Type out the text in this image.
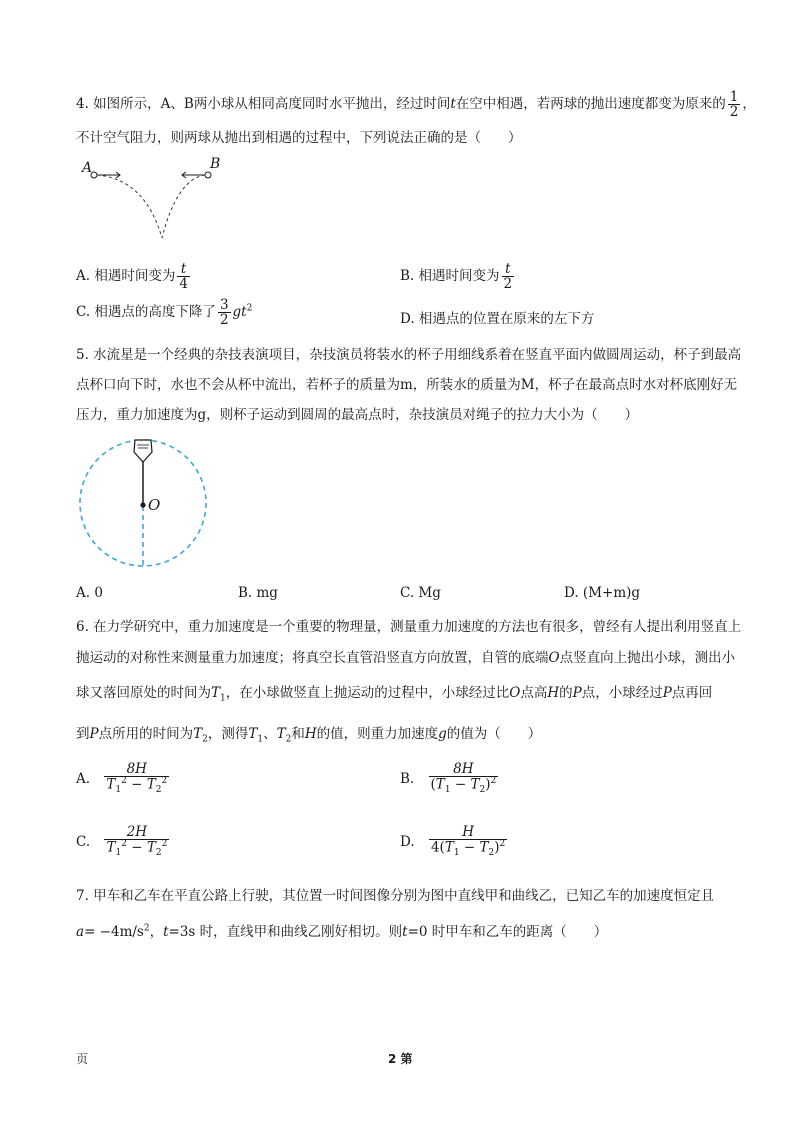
4. 如图所示，A、B两小球从相同高度同时水平抛出，经过时间t在空中相遇，若两球的抛出速度都变为原来的 $\frac{1}{2}$ ，
不计空气阻力，则两球从抛出到相遇的过程中，下列说法正确的是（　　）
A	B
A. 相遇时间变为 $\frac{t}{4}$	B. 相遇时间变为 $\frac{t}{2}$
C. 相遇点的高度下降了 $\frac{3}{2} gt^2$
D. 相遇点的位置在原来的左下方
5. 水流星是一个经典的杂技表演项目，杂技演员将装水的杯子用细线系着在竖直平面内做圆周运动，杯子到最高
点杯口向下时，水也不会从杯中流出，若杯子的质量为m，所装水的质量为M，杯子在最高点时水对杯底刚好无
压力，重力加速度为g，则杯子运动到圆周的最高点时，杂技演员对绳子的拉力大小为（　　）
O
A. 0	B. mg	C. Mg	D. (M+m)g
6. 在力学研究中，重力加速度是一个重要的物理量，测量重力加速度的方法也有很多，曾经有人提出利用竖直上
抛运动的对称性来测量重力加速度；将真空长直管沿竖直方向放置，自管的底端O点竖直向上抛出小球，测出小
球又落回原处的时间为$T_1$，在小球做竖直上抛运动的过程中，小球经过比O点高H的P点，小球经过P点再回
到P点所用的时间为$T_2$，测得$T_1$、$T_2$和H的值，则重力加速度g的值为（　　）
A. $\frac{8H}{T_1^2 - T_2^2}$	B. $\frac{8H}{(T_1 - T_2)^2}$
C. $\frac{2H}{T_1^2 - T_2^2}$	D. $\frac{H}{4(T_1 - T_2)^2}$
7. 甲车和乙车在平直公路上行驶，其位置一时间图像分别为图中直线甲和曲线乙，已知乙车的加速度恒定且
$a= -4m/s^2$，t=3s 时，直线甲和曲线乙刚好相切。则t=0 时甲车和乙车的距离（　　）
页	2 第
